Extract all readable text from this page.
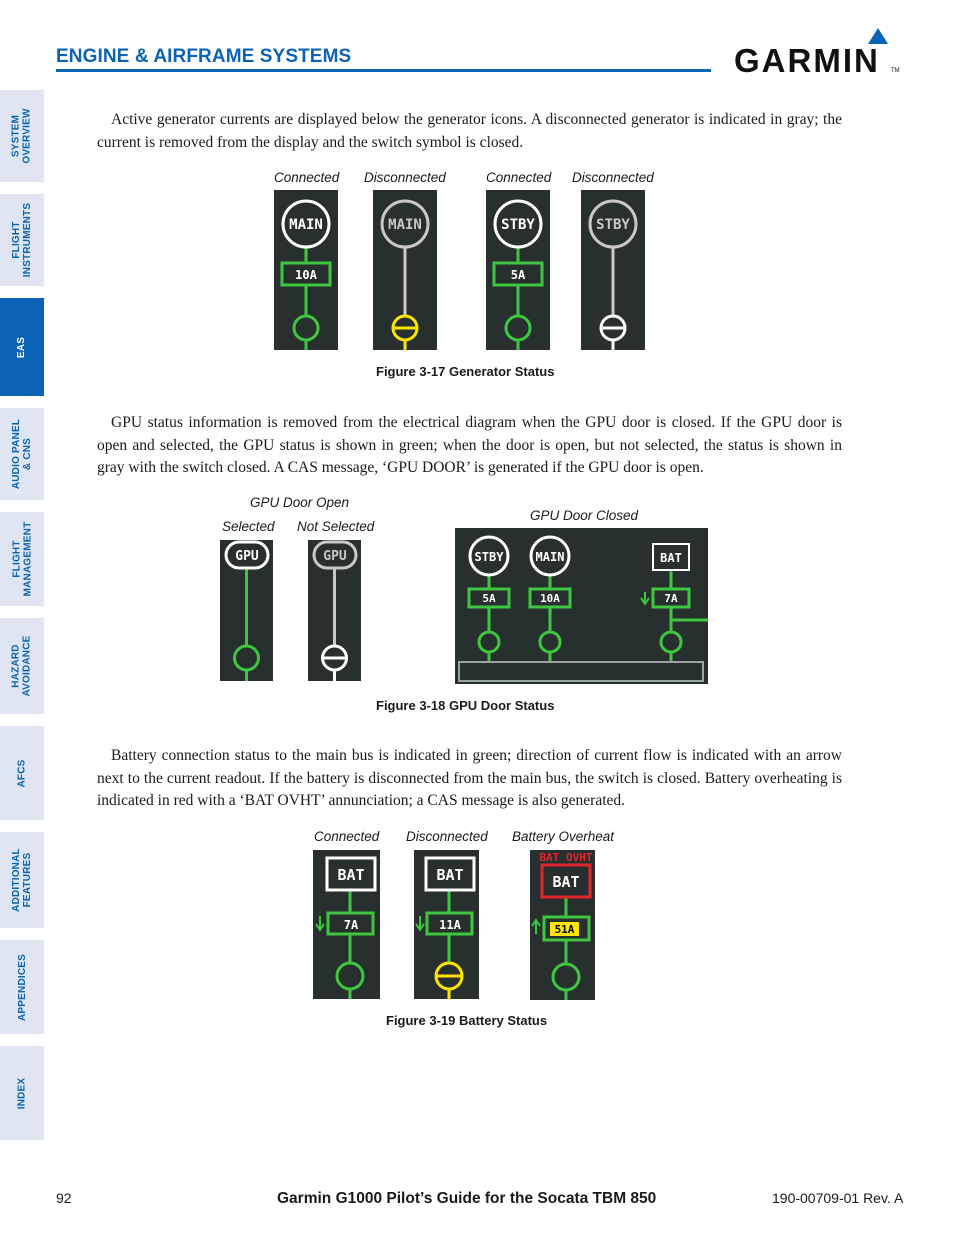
SYSTEM
OVERVIEW
FLIGHT
INSTRUMENTS
EAS
AUDIO PANEL
& CNS
FLIGHT
MANAGEMENT
HAZARD
AVOIDANCE
AFCS
ADDITIONAL
FEATURES
APPENDICES
INDEX
ENGINE & AIRFRAME SYSTEMS	GARMIN TM

Active generator currents are displayed below the generator icons. A disconnected generator is indicated in gray; the current is removed from the display and the switch symbol is closed.

Connected Disconnected	Connected Disconnected
MAIN
10A
MAIN	STBY
5A
STBY
Figure 3-17 Generator Status

GPU status information is removed from the electrical diagram when the GPU door is closed. If the GPU door is open and selected, the GPU status is shown in green; when the door is open, but not selected, the status is shown in gray with the switch closed. A CAS message, ‘GPU DOOR’ is generated if the GPU door is open.

GPU Door Open
Selected Not Selected
GPU Door Closed
GPU	GPU	STBY
5A
MAIN
10A
BAT
7A
Figure 3-18 GPU Door Status

Battery connection status to the main bus is indicated in green; direction of current flow is indicated with an arrow next to the current readout. If the battery is disconnected from the main bus, the switch is closed. Battery overheating is indicated in red with a ‘BAT OVHT’ annunciation; a CAS message is also generated.

Connected Disconnected Battery Overheat
BAT
7A
BAT
11A
BAT OVHT
BAT
51A
Figure 3-19 Battery Status
92	Garmin G1000 Pilot’s Guide for the Socata TBM 850	190-00709-01 Rev. A
